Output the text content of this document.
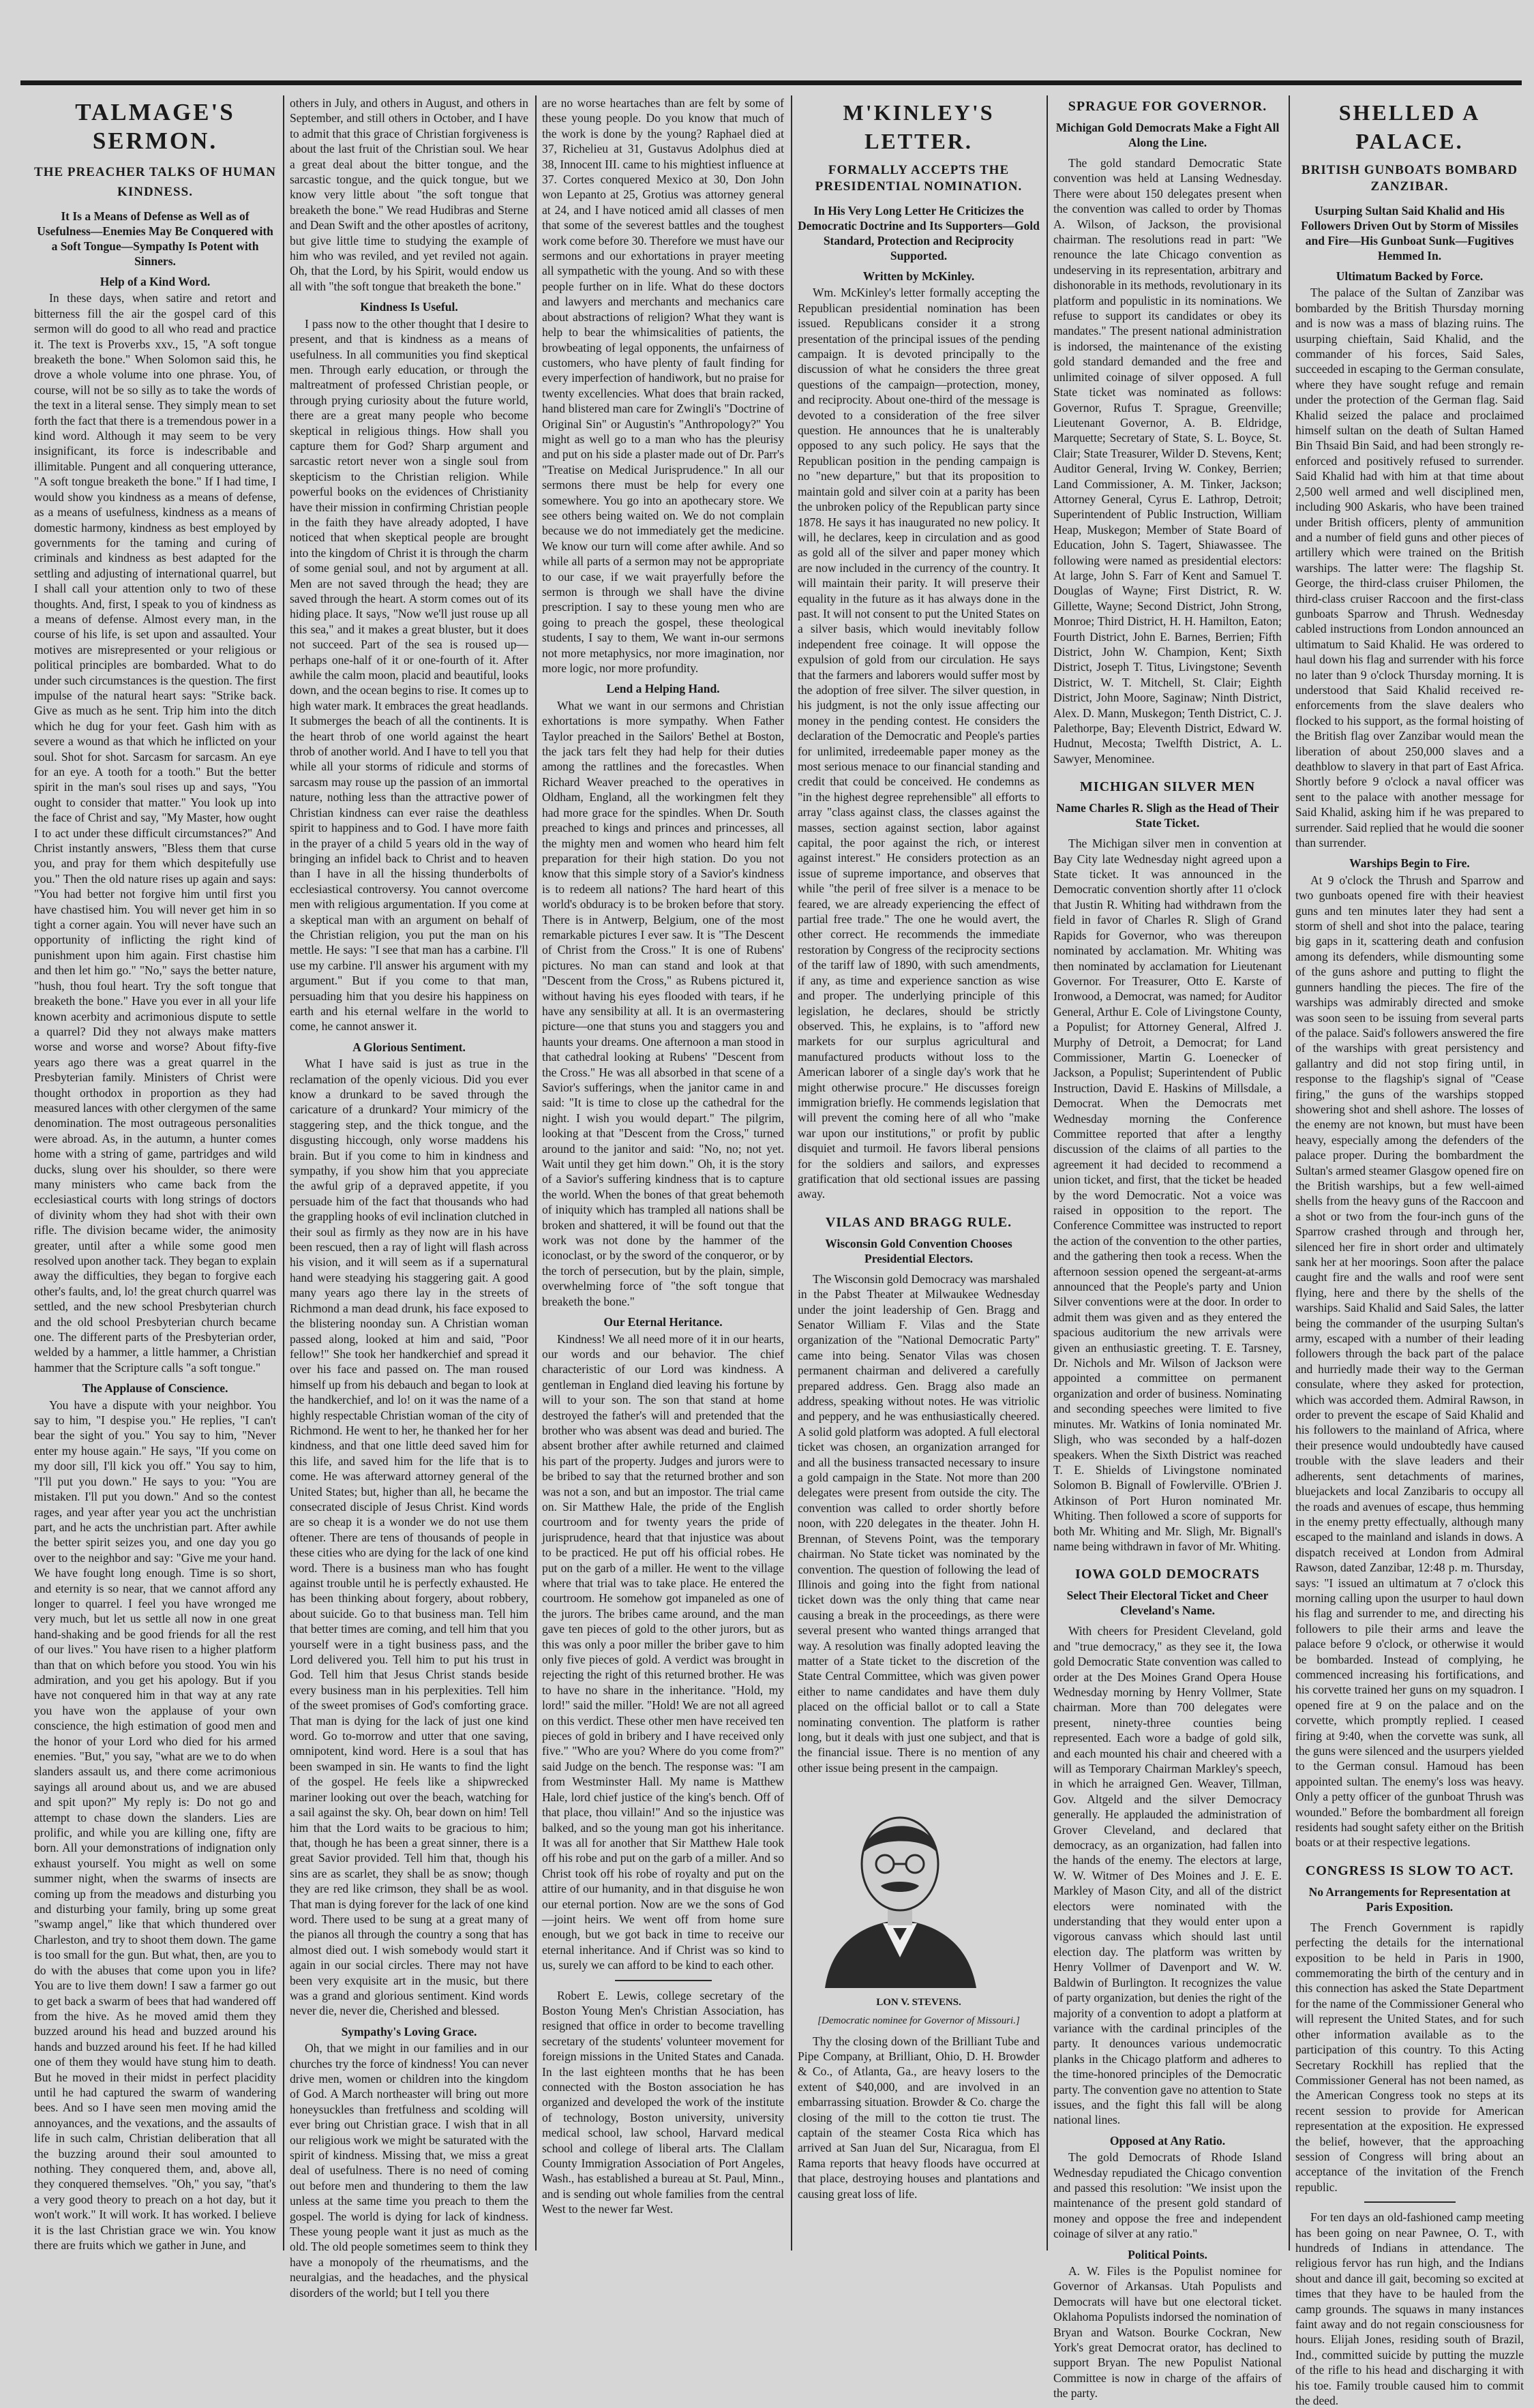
TALMAGE'S SERMON.
THE PREACHER TALKS OF HUMAN KINDNESS.
It Is a Means of Defense as Well as of Usefulness—Enemies May Be Conquered with a Soft Tongue—Sympathy Is Potent with Sinners.
Help of a Kind Word.

In these days, when satire and retort and bitterness fill the air the gospel card of this sermon will do good to all who read and practice it. The text is Proverbs xxv., 15, "A soft tongue breaketh the bone." When Solomon said this, he drove a whole volume into one phrase. You, of course, will not be so silly as to take the words of the text in a literal sense. They simply mean to set forth the fact that there is a tremendous power in a kind word. Although it may seem to be very insignificant, its force is indescribable and illimitable. Pungent and all conquering utterance, "A soft tongue breaketh the bone." If I had time, I would show you kindness as a means of defense, as a means of usefulness, kindness as a means of domestic harmony, kindness as best employed by governments for the taming and curing of criminals and kindness as best adapted for the settling and adjusting of international quarrel, but I shall call your attention only to two of these thoughts. And, first, I speak to you of kindness as a means of defense. Almost every man, in the course of his life, is set upon and assaulted. Your motives are misrepresented or your religious or political principles are bombarded. What to do under such circumstances is the question. The first impulse of the natural heart says: "Strike back. Give as much as he sent. Trip him into the ditch which he dug for your feet. Gash him with as severe a wound as that which he inflicted on your soul. Shot for shot. Sarcasm for sarcasm. An eye for an eye. A tooth for a tooth." But the better spirit in the man's soul rises up and says, "You ought to consider that matter." You look up into the face of Christ and say, "My Master, how ought I to act under these difficult circumstances?" And Christ instantly answers, "Bless them that curse you, and pray for them which despitefully use you." Then the old nature rises up again and says: "You had better not forgive him until first you have chastised him. You will never get him in so tight a corner again. You will never have such an opportunity of inflicting the right kind of punishment upon him again. First chastise him and then let him go." "No," says the better nature, "hush, thou foul heart. Try the soft tongue that breaketh the bone." Have you ever in all your life known acerbity and acrimonious dispute to settle a quarrel? Did they not always make matters worse and worse and worse? About fifty-five years ago there was a great quarrel in the Presbyterian family. Ministers of Christ were thought orthodox in proportion as they had measured lances with other clergymen of the same denomination. The most outrageous personalities were abroad. As, in the autumn, a hunter comes home with a string of game, partridges and wild ducks, slung over his shoulder, so there were many ministers who came back from the ecclesiastical courts with long strings of doctors of divinity whom they had shot with their own rifle. The division became wider, the animosity greater, until after a while some good men resolved upon another tack. They began to explain away the difficulties, they began to forgive each other's faults, and, lo! the great church quarrel was settled, and the new school Presbyterian church and the old school Presbyterian church became one. The different parts of the Presbyterian order, welded by a hammer, a little hammer, a Christian hammer that the Scripture calls "a soft tongue."

The Applause of Conscience.

You have a dispute with your neighbor. You say to him, "I despise you." He replies, "I can't bear the sight of you." You say to him, "Never enter my house again." He says, "If you come on my door sill, I'll kick you off." You say to him, "I'll put you down." He says to you: "You are mistaken. I'll put you down." And so the contest rages, and year after year you act the unchristian part, and he acts the unchristian part. After awhile the better spirit seizes you, and one day you go over to the neighbor and say: "Give me your hand. We have fought long enough. Time is so short, and eternity is so near, that we cannot afford any longer to quarrel. I feel you have wronged me very much, but let us settle all now in one great hand-shaking and be good friends for all the rest of our lives." You have risen to a higher platform than that on which before you stood. You win his admiration, and you get his apology. But if you have not conquered him in that way at any rate you have won the applause of your own conscience, the high estimation of good men and the honor of your Lord who died for his armed enemies. "But," you say, "what are we to do when slanders assault us, and there come acrimonious sayings all around about us, and we are abused and spit upon?" My reply is: Do not go and attempt to chase down the slanders. Lies are prolific, and while you are killing one, fifty are born. All your demonstrations of indignation only exhaust yourself. You might as well on some summer night, when the swarms of insects are coming up from the meadows and disturbing you and disturbing your family, bring up some great "swamp angel," like that which thundered over Charleston, and try to shoot them down. The game is too small for the gun. But what, then, are you to do with the abuses that come upon you in life? You are to live them down! I saw a farmer go out to get back a swarm of bees that had wandered off from the hive. As he moved amid them they buzzed around his head and buzzed around his hands and buzzed around his feet. If he had killed one of them they would have stung him to death. But he moved in their midst in perfect placidity until he had captured the swarm of wandering bees. And so I have seen men moving amid the annoyances, and the vexations, and the assaults of life in such calm, Christian deliberation that all the buzzing around their soul amounted to nothing. They conquered them, and, above all, they conquered themselves. "Oh," you say, "that's a very good theory to preach on a hot day, but it won't work." It will work. It has worked. I believe it is the last Christian grace we win. You know there are fruits which we gather in June, and

others in July, and others in August, and others in September, and still others in October, and I have to admit that this grace of Christian forgiveness is about the last fruit of the Christian soul. We hear a great deal about the bitter tongue, and the sarcastic tongue, and the quick tongue, but we know very little about "the soft tongue that breaketh the bone." We read Hudibras and Sterne and Dean Swift and the other apostles of acritony, but give little time to studying the example of him who was reviled, and yet reviled not again. Oh, that the Lord, by his Spirit, would endow us all with "the soft tongue that breaketh the bone."

Kindness Is Useful.

I pass now to the other thought that I desire to present, and that is kindness as a means of usefulness. In all communities you find skeptical men. Through early education, or through the maltreatment of professed Christian people, or through prying curiosity about the future world, there are a great many people who become skeptical in religious things. How shall you capture them for God? Sharp argument and sarcastic retort never won a single soul from skepticism to the Christian religion. While powerful books on the evidences of Christianity have their mission in confirming Christian people in the faith they have already adopted, I have noticed that when skeptical people are brought into the kingdom of Christ it is through the charm of some genial soul, and not by argument at all. Men are not saved through the head; they are saved through the heart. A storm comes out of its hiding place. It says, "Now we'll just rouse up all this sea," and it makes a great bluster, but it does not succeed. Part of the sea is roused up—perhaps one-half of it or one-fourth of it. After awhile the calm moon, placid and beautiful, looks down, and the ocean begins to rise. It comes up to high water mark. It embraces the great headlands. It submerges the beach of all the continents. It is the heart throb of one world against the heart throb of another world. And I have to tell you that while all your storms of ridicule and storms of sarcasm may rouse up the passion of an immortal nature, nothing less than the attractive power of Christian kindness can ever raise the deathless spirit to happiness and to God. I have more faith in the prayer of a child 5 years old in the way of bringing an infidel back to Christ and to heaven than I have in all the hissing thunderbolts of ecclesiastical controversy. You cannot overcome men with religious argumentation. If you come at a skeptical man with an argument on behalf of the Christian religion, you put the man on his mettle. He says: "I see that man has a carbine. I'll use my carbine. I'll answer his argument with my argument." But if you come to that man, persuading him that you desire his happiness on earth and his eternal welfare in the world to come, he cannot answer it.

A Glorious Sentiment.

What I have said is just as true in the reclamation of the openly vicious. Did you ever know a drunkard to be saved through the caricature of a drunkard? Your mimicry of the staggering step, and the thick tongue, and the disgusting hiccough, only worse maddens his brain. But if you come to him in kindness and sympathy, if you show him that you appreciate the awful grip of a depraved appetite, if you persuade him of the fact that thousands who had the grappling hooks of evil inclination clutched in their soul as firmly as they now are in his have been rescued, then a ray of light will flash across his vision, and it will seem as if a supernatural hand were steadying his staggering gait. A good many years ago there lay in the streets of Richmond a man dead drunk, his face exposed to the blistering noonday sun. A Christian woman passed along, looked at him and said, "Poor fellow!" She took her handkerchief and spread it over his face and passed on. The man roused himself up from his debauch and began to look at the handkerchief, and lo! on it was the name of a highly respectable Christian woman of the city of Richmond. He went to her, he thanked her for her kindness, and that one little deed saved him for this life, and saved him for the life that is to come. He was afterward attorney general of the United States; but, higher than all, he became the consecrated disciple of Jesus Christ. Kind words are so cheap it is a wonder we do not use them oftener. There are tens of thousands of people in these cities who are dying for the lack of one kind word. There is a business man who has fought against trouble until he is perfectly exhausted. He has been thinking about forgery, about robbery, about suicide. Go to that business man. Tell him that better times are coming, and tell him that you yourself were in a tight business pass, and the Lord delivered you. Tell him to put his trust in God. Tell him that Jesus Christ stands beside every business man in his perplexities. Tell him of the sweet promises of God's comforting grace. That man is dying for the lack of just one kind word. Go to-morrow and utter that one saving, omnipotent, kind word. Here is a soul that has been swamped in sin. He wants to find the light of the gospel. He feels like a shipwrecked mariner looking out over the beach, watching for a sail against the sky. Oh, bear down on him! Tell him that the Lord waits to be gracious to him; that, though he has been a great sinner, there is a great Savior provided. Tell him that, though his sins are as scarlet, they shall be as snow; though they are red like crimson, they shall be as wool. That man is dying forever for the lack of one kind word. There used to be sung at a great many of the pianos all through the country a song that has almost died out. I wish somebody would start it again in our social circles. There may not have been very exquisite art in the music, but there was a grand and glorious sentiment. Kind words never die, never die, Cherished and blessed.

Sympathy's Loving Grace.

Oh, that we might in our families and in our churches try the force of kindness! You can never drive men, women or children into the kingdom of God. A March northeaster will bring out more honeysuckles than fretfulness and scolding will ever bring out Christian grace. I wish that in all our religious work we might be saturated with the spirit of kindness. Missing that, we miss a great deal of usefulness. There is no need of coming out before men and thundering to them the law unless at the same time you preach to them the gospel. The world is dying for lack of kindness. These young people want it just as much as the old. The old people sometimes seem to think they have a monopoly of the rheumatisms, and the neuralgias, and the headaches, and the physical disorders of the world; but I tell you there

are no worse heartaches than are felt by some of these young people. Do you know that much of the work is done by the young? Raphael died at 37, Richelieu at 31, Gustavus Adolphus died at 38, Innocent III. came to his mightiest influence at 37. Cortes conquered Mexico at 30, Don John won Lepanto at 25, Grotius was attorney general at 24, and I have noticed amid all classes of men that some of the severest battles and the toughest work come before 30. Therefore we must have our sermons and our exhortations in prayer meeting all sympathetic with the young. And so with these people further on in life. What do these doctors and lawyers and merchants and mechanics care about abstractions of religion? What they want is help to bear the whimsicalities of patients, the browbeating of legal opponents, the unfairness of customers, who have plenty of fault finding for every imperfection of handiwork, but no praise for twenty excellencies. What does that brain racked, hand blistered man care for Zwingli's "Doctrine of Original Sin" or Augustin's "Anthropology?" You might as well go to a man who has the pleurisy and put on his side a plaster made out of Dr. Parr's "Treatise on Medical Jurisprudence." In all our sermons there must be help for every one somewhere. You go into an apothecary store. We see others being waited on. We do not complain because we do not immediately get the medicine. We know our turn will come after awhile. And so while all parts of a sermon may not be appropriate to our case, if we wait prayerfully before the sermon is through we shall have the divine prescription. I say to these young men who are going to preach the gospel, these theological students, I say to them, We want in-our sermons not more metaphysics, nor more imagination, nor more logic, nor more profundity.

Lend a Helping Hand.

What we want in our sermons and Christian exhortations is more sympathy. When Father Taylor preached in the Sailors' Bethel at Boston, the jack tars felt they had help for their duties among the rattlines and the forecastles. When Richard Weaver preached to the operatives in Oldham, England, all the workingmen felt they had more grace for the spindles. When Dr. South preached to kings and princes and princesses, all the mighty men and women who heard him felt preparation for their high station. Do you not know that this simple story of a Savior's kindness is to redeem all nations? The hard heart of this world's obduracy is to be broken before that story. There is in Antwerp, Belgium, one of the most remarkable pictures I ever saw. It is "The Descent of Christ from the Cross." It is one of Rubens' pictures. No man can stand and look at that "Descent from the Cross," as Rubens pictured it, without having his eyes flooded with tears, if he have any sensibility at all. It is an overmastering picture—one that stuns you and staggers you and haunts your dreams. One afternoon a man stood in that cathedral looking at Rubens' "Descent from the Cross." He was all absorbed in that scene of a Savior's sufferings, when the janitor came in and said: "It is time to close up the cathedral for the night. I wish you would depart." The pilgrim, looking at that "Descent from the Cross," turned around to the janitor and said: "No, no; not yet. Wait until they get him down." Oh, it is the story of a Savior's suffering kindness that is to capture the world. When the bones of that great behemoth of iniquity which has trampled all nations shall be broken and shattered, it will be found out that the work was not done by the hammer of the iconoclast, or by the sword of the conqueror, or by the torch of persecution, but by the plain, simple, overwhelming force of "the soft tongue that breaketh the bone."

Our Eternal Heritance.

Kindness! We all need more of it in our hearts, our words and our behavior. The chief characteristic of our Lord was kindness. A gentleman in England died leaving his fortune by will to your son. The son that stand at home destroyed the father's will and pretended that the brother who was absent was dead and buried. The absent brother after awhile returned and claimed his part of the property. Judges and jurors were to be bribed to say that the returned brother and son was not a son, and but an impostor. The trial came on. Sir Matthew Hale, the pride of the English courtroom and for twenty years the pride of jurisprudence, heard that that injustice was about to be practiced. He put off his official robes. He put on the garb of a miller. He went to the village where that trial was to take place. He entered the courtroom. He somehow got impaneled as one of the jurors. The bribes came around, and the man gave ten pieces of gold to the other jurors, but as this was only a poor miller the briber gave to him only five pieces of gold. A verdict was brought in rejecting the right of this returned brother. He was to have no share in the inheritance. "Hold, my lord!" said the miller. "Hold! We are not all agreed on this verdict. These other men have received ten pieces of gold in bribery and I have received only five." "Who are you? Where do you come from?" said Judge on the bench. The response was: "I am from Westminster Hall. My name is Matthew Hale, lord chief justice of the king's bench. Off of that place, thou villain!" And so the injustice was balked, and so the young man got his inheritance. It was all for another that Sir Matthew Hale took off his robe and put on the garb of a miller. And so Christ took off his robe of royalty and put on the attire of our humanity, and in that disguise he won our eternal portion. Now are we the sons of God—joint heirs. We went off from home sure enough, but we got back in time to receive our eternal inheritance. And if Christ was so kind to us, surely we can afford to be kind to each other.

Robert E. Lewis, college secretary of the Boston Young Men's Christian Association, has resigned that office in order to become travelling secretary of the students' volunteer movement for foreign missions in the United States and Canada. In the last eighteen months that he has been connected with the Boston association he has organized and developed the work of the institute of technology, Boston university, university medical school, law school, Harvard medical school and college of liberal arts. The Clallam County Immigration Association of Port Angeles, Wash., has established a bureau at St. Paul, Minn., and is sending out whole families from the central West to the newer far West.

M'KINLEY'S LETTER.
FORMALLY ACCEPTS THE PRESIDENTIAL NOMINATION.
In His Very Long Letter He Criticizes the Democratic Doctrine and Its Supporters—Gold Standard, Protection and Reciprocity Supported.
Written by McKinley.

Wm. McKinley's letter formally accepting the Republican presidential nomination has been issued. Republicans consider it a strong presentation of the principal issues of the pending campaign. It is devoted principally to the discussion of what he considers the three great questions of the campaign—protection, money, and reciprocity. About one-third of the message is devoted to a consideration of the free silver question. He announces that he is unalterably opposed to any such policy. He says that the Republican position in the pending campaign is no "new departure," but that its proposition to maintain gold and silver coin at a parity has been the unbroken policy of the Republican party since 1878. He says it has inaugurated no new policy. It will, he declares, keep in circulation and as good as gold all of the silver and paper money which are now included in the currency of the country. It will maintain their parity. It will preserve their equality in the future as it has always done in the past. It will not consent to put the United States on a silver basis, which would inevitably follow independent free coinage. It will oppose the expulsion of gold from our circulation. He says that the farmers and laborers would suffer most by the adoption of free silver. The silver question, in his judgment, is not the only issue affecting our money in the pending contest. He considers the declaration of the Democratic and People's parties for unlimited, irredeemable paper money as the most serious menace to our financial standing and credit that could be conceived. He condemns as "in the highest degree reprehensible" all efforts to array "class against class, the classes against the masses, section against section, labor against capital, the poor against the rich, or interest against interest." He considers protection as an issue of supreme importance, and observes that while "the peril of free silver is a menace to be feared, we are already experiencing the effect of partial free trade." The one he would avert, the other correct. He recommends the immediate restoration by Congress of the reciprocity sections of the tariff law of 1890, with such amendments, if any, as time and experience sanction as wise and proper. The underlying principle of this legislation, he declares, should be strictly observed. This, he explains, is to "afford new markets for our surplus agricultural and manufactured products without loss to the American laborer of a single day's work that he might otherwise procure." He discusses foreign immigration briefly. He commends legislation that will prevent the coming here of all who "make war upon our institutions," or profit by public disquiet and turmoil. He favors liberal pensions for the soldiers and sailors, and expresses gratification that old sectional issues are passing away.

VILAS AND BRAGG RULE.
Wisconsin Gold Convention Chooses Presidential Electors.

The Wisconsin gold Democracy was marshaled in the Pabst Theater at Milwaukee Wednesday under the joint leadership of Gen. Bragg and Senator William F. Vilas and the State organization of the "National Democratic Party" came into being. Senator Vilas was chosen permanent chairman and delivered a carefully prepared address. Gen. Bragg also made an address, speaking without notes. He was vitriolic and peppery, and he was enthusiastically cheered. A solid gold platform was adopted. A full electoral ticket was chosen, an organization arranged for and all the business transacted necessary to insure a gold campaign in the State. Not more than 200 delegates were present from outside the city. The convention was called to order shortly before noon, with 220 delegates in the theater. John H. Brennan, of Stevens Point, was the temporary chairman. No State ticket was nominated by the convention. The question of following the lead of Illinois and going into the fight from national ticket down was the only thing that came near causing a break in the proceedings, as there were several present who wanted things arranged that way. A resolution was finally adopted leaving the matter of a State ticket to the discretion of the State Central Committee, which was given power either to name candidates and have them duly placed on the official ballot or to call a State nominating convention. The platform is rather long, but it deals with just one subject, and that is the financial issue. There is no mention of any other issue being present in the campaign.

LON V. STEVENS.
[Democratic nominee for Governor of Missouri.]

Thy the closing down of the Brilliant Tube and Pipe Company, at Brilliant, Ohio, D. H. Browder & Co., of Atlanta, Ga., are heavy losers to the extent of $40,000, and are involved in an embarrassing situation. Browder & Co. charge the closing of the mill to the cotton tie trust. The captain of the steamer Costa Rica which has arrived at San Juan del Sur, Nicaragua, from El Rama reports that heavy floods have occurred at that place, destroying houses and plantations and causing great loss of life.

SPRAGUE FOR GOVERNOR.
Michigan Gold Democrats Make a Fight All Along the Line.

The gold standard Democratic State convention was held at Lansing Wednesday. There were about 150 delegates present when the convention was called to order by Thomas A. Wilson, of Jackson, the provisional chairman. The resolutions read in part: "We renounce the late Chicago convention as undeserving in its representation, arbitrary and dishonorable in its methods, revolutionary in its platform and populistic in its nominations. We refuse to support its candidates or obey its mandates." The present national administration is indorsed, the maintenance of the existing gold standard demanded and the free and unlimited coinage of silver opposed. A full State ticket was nominated as follows: Governor, Rufus T. Sprague, Greenville; Lieutenant Governor, A. B. Eldridge, Marquette; Secretary of State, S. L. Boyce, St. Clair; State Treasurer, Wilder D. Stevens, Kent; Auditor General, Irving W. Conkey, Berrien; Land Commissioner, A. M. Tinker, Jackson; Attorney General, Cyrus E. Lathrop, Detroit; Superintendent of Public Instruction, William Heap, Muskegon; Member of State Board of Education, John S. Tagert, Shiawassee. The following were named as presidential electors: At large, John S. Farr of Kent and Samuel T. Douglas of Wayne; First District, R. W. Gillette, Wayne; Second District, John Strong, Monroe; Third District, H. H. Hamilton, Eaton; Fourth District, John E. Barnes, Berrien; Fifth District, John W. Champion, Kent; Sixth District, Joseph T. Titus, Livingstone; Seventh District, W. T. Mitchell, St. Clair; Eighth District, John Moore, Saginaw; Ninth District, Alex. D. Mann, Muskegon; Tenth District, C. J. Palethorpe, Bay; Eleventh District, Edward W. Hudnut, Mecosta; Twelfth District, A. L. Sawyer, Menominee.

MICHIGAN SILVER MEN
Name Charles R. Sligh as the Head of Their State Ticket.

The Michigan silver men in convention at Bay City late Wednesday night agreed upon a State ticket. It was announced in the Democratic convention shortly after 11 o'clock that Justin R. Whiting had withdrawn from the field in favor of Charles R. Sligh of Grand Rapids for Governor, who was thereupon nominated by acclamation. Mr. Whiting was then nominated by acclamation for Lieutenant Governor. For Treasurer, Otto E. Karste of Ironwood, a Democrat, was named; for Auditor General, Arthur E. Cole of Livingstone County, a Populist; for Attorney General, Alfred J. Murphy of Detroit, a Democrat; for Land Commissioner, Martin G. Loenecker of Jackson, a Populist; Superintendent of Public Instruction, David E. Haskins of Millsdale, a Democrat. When the Democrats met Wednesday morning the Conference Committee reported that after a lengthy discussion of the claims of all parties to the agreement it had decided to recommend a union ticket, and first, that the ticket be headed by the word Democratic. Not a voice was raised in opposition to the report. The Conference Committee was instructed to report the action of the convention to the other parties, and the gathering then took a recess. When the afternoon session opened the sergeant-at-arms announced that the People's party and Union Silver conventions were at the door. In order to admit them was given and as they entered the spacious auditorium the new arrivals were given an enthusiastic greeting. T. E. Tarsney, Dr. Nichols and Mr. Wilson of Jackson were appointed a committee on permanent organization and order of business. Nominating and seconding speeches were limited to five minutes. Mr. Watkins of Ionia nominated Mr. Sligh, who was seconded by a half-dozen speakers. When the Sixth District was reached T. E. Shields of Livingstone nominated Solomon B. Bignall of Fowlerville. O'Brien J. Atkinson of Port Huron nominated Mr. Whiting. Then followed a score of supports for both Mr. Whiting and Mr. Sligh, Mr. Bignall's name being withdrawn in favor of Mr. Whiting.

IOWA GOLD DEMOCRATS
Select Their Electoral Ticket and Cheer Cleveland's Name.

With cheers for President Cleveland, gold and "true democracy," as they see it, the Iowa gold Democratic State convention was called to order at the Des Moines Grand Opera House Wednesday morning by Henry Vollmer, State chairman. More than 700 delegates were present, ninety-three counties being represented. Each wore a badge of gold silk, and each mounted his chair and cheered with a will as Temporary Chairman Markley's speech, in which he arraigned Gen. Weaver, Tillman, Gov. Altgeld and the silver Democracy generally. He applauded the administration of Grover Cleveland, and declared that democracy, as an organization, had fallen into the hands of the enemy. The electors at large, W. W. Witmer of Des Moines and J. E. E. Markley of Mason City, and all of the district electors were nominated with the understanding that they would enter upon a vigorous canvass which should last until election day. The platform was written by Henry Vollmer of Davenport and W. W. Baldwin of Burlington. It recognizes the value of party organization, but denies the right of the majority of a convention to adopt a platform at variance with the cardinal principles of the party. It denounces various undemocratic planks in the Chicago platform and adheres to the time-honored principles of the Democratic party. The convention gave no attention to State issues, and the fight this fall will be along national lines.

Opposed at Any Ratio.

The gold Democrats of Rhode Island Wednesday repudiated the Chicago convention and passed this resolution: "We insist upon the maintenance of the present gold standard of money and oppose the free and independent coinage of silver at any ratio."

Political Points.

A. W. Files is the Populist nominee for Governor of Arkansas. Utah Populists and Democrats will have but one electoral ticket. Oklahoma Populists indorsed the nomination of Bryan and Watson. Bourke Cockran, New York's great Democrat orator, has declined to support Bryan. The new Populist National Committee is now in charge of the affairs of the party.

SHELLED A PALACE.
BRITISH GUNBOATS BOMBARD ZANZIBAR.
Usurping Sultan Said Khalid and His Followers Driven Out by Storm of Missiles and Fire—His Gunboat Sunk—Fugitives Hemmed In.
Ultimatum Backed by Force.

The palace of the Sultan of Zanzibar was bombarded by the British Thursday morning and is now was a mass of blazing ruins. The usurping chieftain, Said Khalid, and the commander of his forces, Said Sales, succeeded in escaping to the German consulate, where they have sought refuge and remain under the protection of the German flag. Said Khalid seized the palace and proclaimed himself sultan on the death of Sultan Hamed Bin Thsaid Bin Said, and had been strongly re-enforced and positively refused to surrender. Said Khalid had with him at that time about 2,500 well armed and well disciplined men, including 900 Askaris, who have been trained under British officers, plenty of ammunition and a number of field guns and other pieces of artillery which were trained on the British warships. The latter were: The flagship St. George, the third-class cruiser Philomen, the third-class cruiser Raccoon and the first-class gunboats Sparrow and Thrush. Wednesday cabled instructions from London announced an ultimatum to Said Khalid. He was ordered to haul down his flag and surrender with his force no later than 9 o'clock Thursday morning. It is understood that Said Khalid received re-enforcements from the slave dealers who flocked to his support, as the formal hoisting of the British flag over Zanzibar would mean the liberation of about 250,000 slaves and a deathblow to slavery in that part of East Africa. Shortly before 9 o'clock a naval officer was sent to the palace with another message for Said Khalid, asking him if he was prepared to surrender. Said replied that he would die sooner than surrender.

Warships Begin to Fire.

At 9 o'clock the Thrush and Sparrow and two gunboats opened fire with their heaviest guns and ten minutes later they had sent a storm of shell and shot into the palace, tearing big gaps in it, scattering death and confusion among its defenders, while dismounting some of the guns ashore and putting to flight the gunners handling the pieces. The fire of the warships was admirably directed and smoke was soon seen to be issuing from several parts of the palace. Said's followers answered the fire of the warships with great persistency and gallantry and did not stop firing until, in response to the flagship's signal of "Cease firing," the guns of the warships stopped showering shot and shell ashore. The losses of the enemy are not known, but must have been heavy, especially among the defenders of the palace proper. During the bombardment the Sultan's armed steamer Glasgow opened fire on the British warships, but a few well-aimed shells from the heavy guns of the Raccoon and a shot or two from the four-inch guns of the Sparrow crashed through and through her, silenced her fire in short order and ultimately sank her at her moorings. Soon after the palace caught fire and the walls and roof were sent flying, here and there by the shells of the warships. Said Khalid and Said Sales, the latter being the commander of the usurping Sultan's army, escaped with a number of their leading followers through the back part of the palace and hurriedly made their way to the German consulate, where they asked for protection, which was accorded them. Admiral Rawson, in order to prevent the escape of Said Khalid and his followers to the mainland of Africa, where their presence would undoubtedly have caused trouble with the slave leaders and their adherents, sent detachments of marines, bluejackets and local Zanzibaris to occupy all the roads and avenues of escape, thus hemming in the enemy pretty effectually, although many escaped to the mainland and islands in dows. A dispatch received at London from Admiral Rawson, dated Zanzibar, 12:48 p. m. Thursday, says: "I issued an ultimatum at 7 o'clock this morning calling upon the usurper to haul down his flag and surrender to me, and directing his followers to pile their arms and leave the palace before 9 o'clock, or otherwise it would be bombarded. Instead of complying, he commenced increasing his fortifications, and his corvette trained her guns on my squadron. I opened fire at 9 on the palace and on the corvette, which promptly replied. I ceased firing at 9:40, when the corvette was sunk, all the guns were silenced and the usurpers yielded to the German consul. Hamoud has been appointed sultan. The enemy's loss was heavy. Only a petty officer of the gunboat Thrush was wounded." Before the bombardment all foreign residents had sought safety either on the British boats or at their respective legations.

CONGRESS IS SLOW TO ACT.
No Arrangements for Representation at Paris Exposition.

The French Government is rapidly perfecting the details for the international exposition to be held in Paris in 1900, commemorating the birth of the century and in this connection has asked the State Department for the name of the Commissioner General who will represent the United States, and for such other information available as to the participation of this country. To this Acting Secretary Rockhill has replied that the Commissioner General has not been named, as the American Congress took no steps at its recent session to provide for American representation at the exposition. He expressed the belief, however, that the approaching session of Congress will bring about an acceptance of the invitation of the French republic.

For ten days an old-fashioned camp meeting has been going on near Pawnee, O. T., with hundreds of Indians in attendance. The religious fervor has run high, and the Indians shout and dance ill gait, becoming so excited at times that they have to be hauled from the camp grounds. The squaws in many instances faint away and do not regain consciousness for hours. Elijah Jones, residing south of Brazil, Ind., committed suicide by putting the muzzle of the rifle to his head and discharging it with his toe. Family trouble caused him to commit the deed.
